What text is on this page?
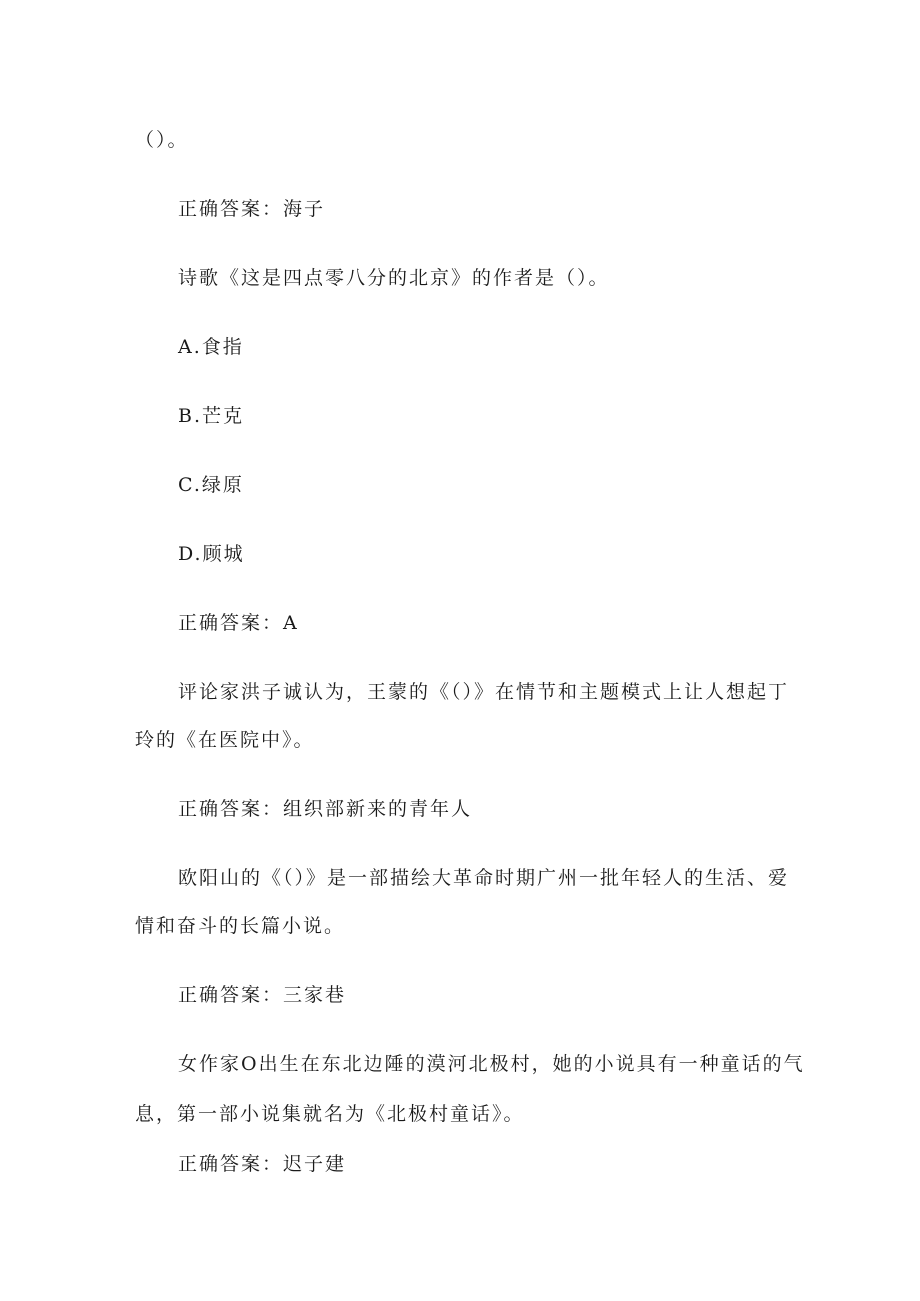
（）。
正确答案：海子
诗歌《这是四点零八分的北京》的作者是（）。
A.食指
B.芒克
C.绿原
D.顾城
正确答案：A
评论家洪子诚认为，王蒙的《（）》在情节和主题模式上让人想起丁
玲的《在医院中》。
正确答案：组织部新来的青年人
欧阳山的《（）》是一部描绘大革命时期广州一批年轻人的生活、爱
情和奋斗的长篇小说。
正确答案：三家巷
女作家O出生在东北边陲的漠河北极村，她的小说具有一种童话的气
息，第一部小说集就名为《北极村童话》。
正确答案：迟子建
